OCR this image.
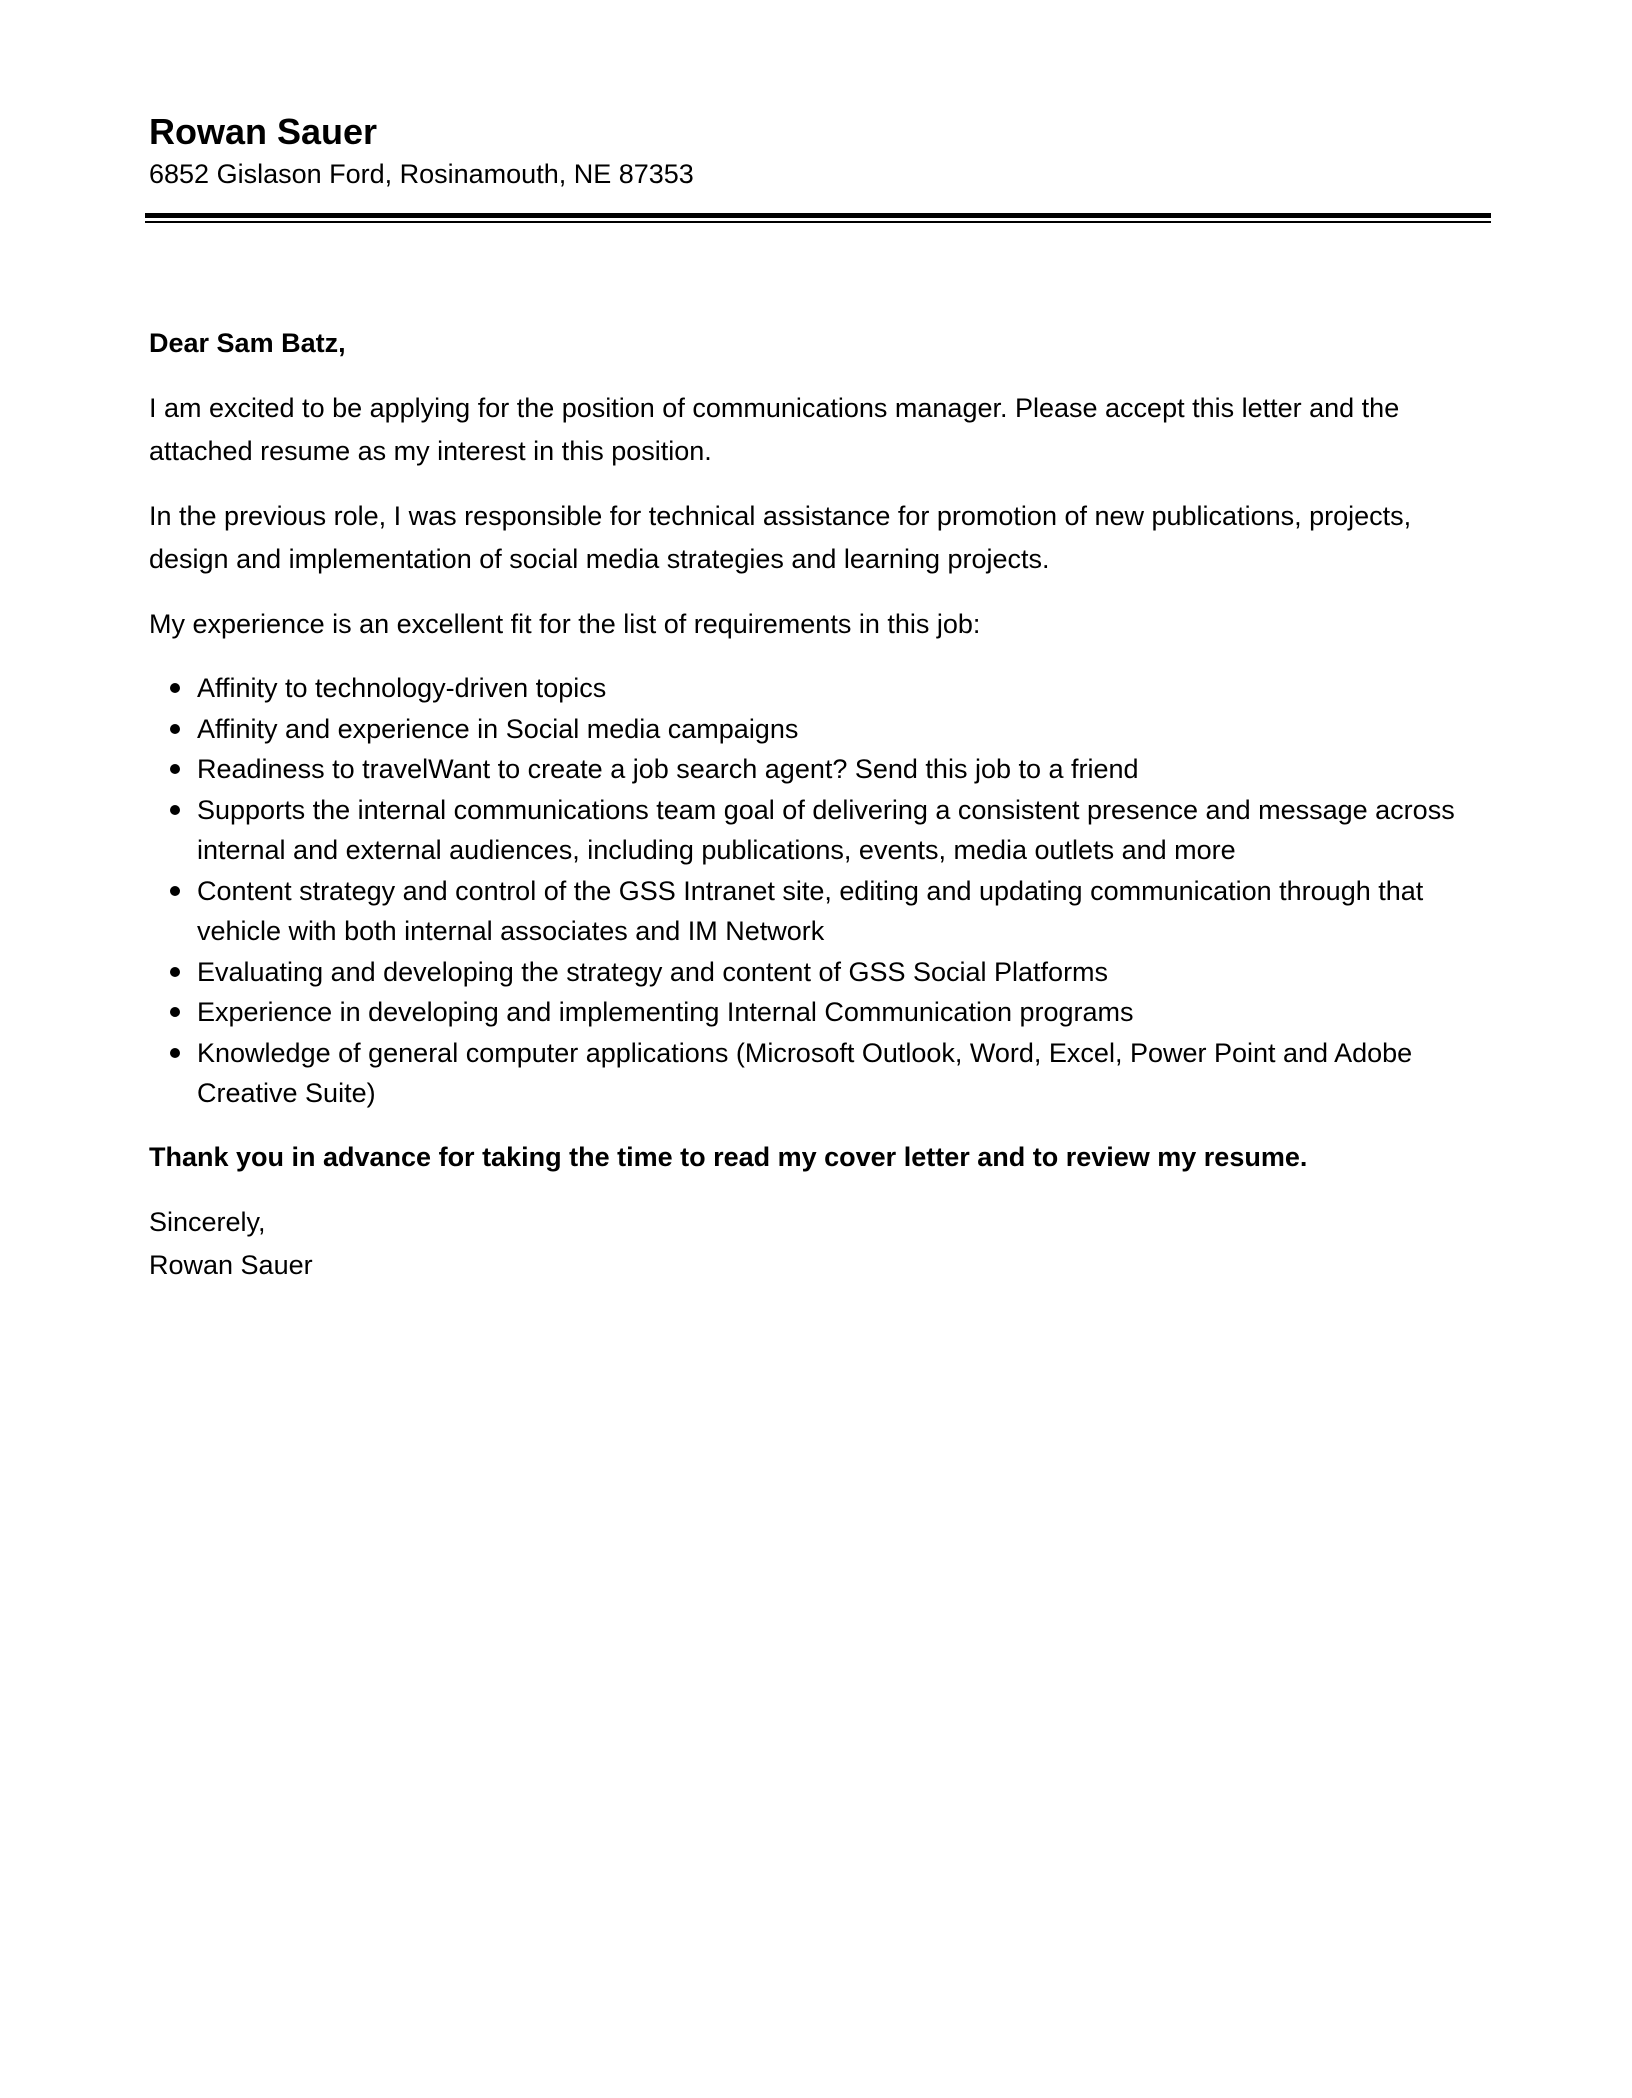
Rowan Sauer

6852 Gislason Ford, Rosinamouth, NE 87353

Dear Sam Batz,

I am excited to be applying for the position of communications manager. Please accept this letter and the attached resume as my interest in this position.

In the previous role, I was responsible for technical assistance for promotion of new publications, projects, design and implementation of social media strategies and learning projects.

My experience is an excellent fit for the list of requirements in this job:

Affinity to technology-driven topics
Affinity and experience in Social media campaigns
Readiness to travelWant to create a job search agent? Send this job to a friend
Supports the internal communications team goal of delivering a consistent presence and message across internal and external audiences, including publications, events, media outlets and more
Content strategy and control of the GSS Intranet site, editing and updating communication through that vehicle with both internal associates and IM Network
Evaluating and developing the strategy and content of GSS Social Platforms
Experience in developing and implementing Internal Communication programs
Knowledge of general computer applications (Microsoft Outlook, Word, Excel, Power Point and Adobe Creative Suite)

Thank you in advance for taking the time to read my cover letter and to review my resume.

Sincerely,

Rowan Sauer
